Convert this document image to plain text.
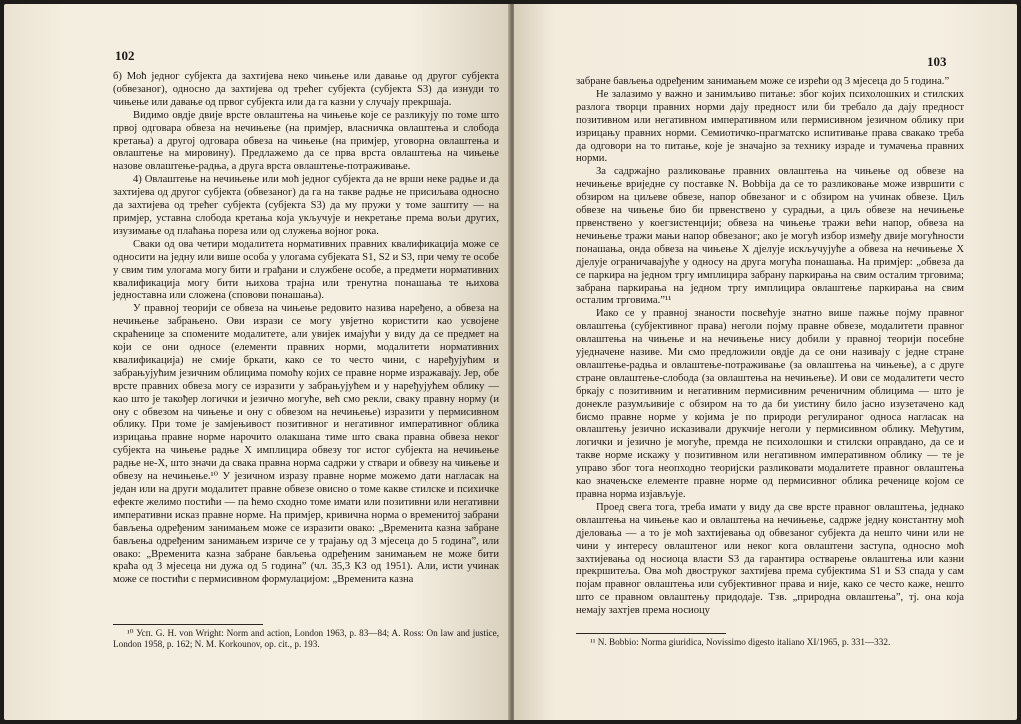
102

б) Моћ једног субјекта да захтијева неко чињење или давање од другог субјекта (обвезаног), односно да захтијева од трећег субјекта (субјекта S3) да изнуди то чињење или давање од првог субјекта или да га казни у случају прекршаја.

Видимо овдје двије врсте овлаштења на чињење које се разликују по томе што првој одговара обвеза на нечињење (на примјер, власничка овлаштења и слобода кретања) а другој одговара обвеза на чињење (на примјер, уговорна овлаштења и овлаштење на мировину). Предлажемо да се прва врста овлаштења на чињење назове овлаштење-радња, а друга врста овлаштење-потраживање.

4) Овлаштење на нечињење или моћ једног субјекта да не врши неке радње и да захтијева од другог субјекта (обвезаног) да га на такве радње не присиљава односно да захтијева од трећег субјекта (субјекта S3) да му пружи у томе заштиту — на примјер, уставна слобода кретања која укључује и некретање према вољи других, изузимање од плаћања пореза или од служења војног рока.

Сваки од ова четири модалитета нормативних правних квалификација може се односити на једну или више особа у улогама субјеката S1, S2 и S3, при чему те особе у свим тим улогама могу бити и грађани и службене особе, а предмети нормативних квалификација могу бити њихова трајна или тренутна понашања те њихова једноставна или сложена (сповови понашања).

У правној теорији се обвеза на чињење редовито назива наређено, а обвеза на нечињење забрањено. Ови изрази се могу увјетно користити као усвојене скраћенице за спомените модалитете, али увијек имајући у виду да се предмет на који се они односе (елементи правних норми, модалитети нормативних квалификација) не смије бркати, како се то често чини, с наређујућим и забрањујућим језичним облицима помоћу којих се правне норме изражавају. Јер, обе врсте правних обвеза могу се изразити у забрањујућем и у наређујућем облику — као што је такођер логички и језично могуће, већ смо рекли, свакy правну норму (и ону с обвезом на чињење и ону с обвезом на нечињење) изразити у пермисивном облику. При томе је замјењивост позитивног и негативног императивног облика изрицања правне норме нарочито олакшана тиме што свака правна обвеза неког субјекта на чињење радње X имплицира обвезу тог истог субјекта на нечињење радње не-X, што значи да свака правна норма садржи у ствари и обвезу на чињење и обвезу на нечињење.¹⁰ У језичном изразу правне норме можемо дати нагласак на један или на други модалитет правне обвезе овисно о томе какве стилске и психичке ефекте желимо постићи — па ћемо сходно томе имати или позитивни или негативни императивни исказ правне норме. На примјер, кривична норма о временитој забрани бављења одређеним занимањем може се изразити овако: „Временита казна забране бављења одређеним занимањем изриче се у трајању од 3 мјесеца до 5 година”, или овако: „Временита казна забране бављења одређеним занимањем не може бити краћа од 3 мјесеца ни дужа од 5 година” (чл. 35,3 КЗ од 1951). Али, исти учинак може се постићи с пермисивном формулацијом: „Временита казна

¹⁰ Усп. G. H. von Wright: Norm and action, London 1963, p. 83—84; A. Ross: On law and justice, London 1958, p. 162; N. M. Korkounov, op. cit., p. 193.

103

забране бављења одређеним занимањем може се изрећи од 3 мјесеца до 5 година.”

Не залазимо у важно и занимљиво питање: због којих психолошких и стилских разлога творци правних норми дају предност или би требало да дају предност позитивном или негативном императивном или пермисивном језичном облику при изрицању правних норми. Семиотичко-прагматско испитивање права свакако треба да одговори на то питање, које је значајно за технику израде и тумачења правних норми.

За садржајно разликовање правних овлаштења на чињење од обвезе на нечињење вриједне су поставке N. Bobbija да се то разликовање може извршити с обзиром на циљеве обвезе, напор обвезаног и с обзиром на учинак обвезе. Циљ обвезе на чињење био би првенствено у сурадњи, а циљ обвезе на нечињење првенствено у коегзистенцији; обвеза на чињење тражи већи напор, обвеза на нечињење тражи мањи напор обвезаног; ако је могућ избор између двије могућности понашања, онда обвеза на чињење X дјелује искључујуће а обвеза на нечињење X дјелује ограничавајуће у односу на друга могућа понашања. На примјер: „обвеза да се паркира на једном тргу имплицира забрану паркирања на свим осталим трговима; забрана паркирања на једном тргу имплицира овлаштење паркирања на свим осталим трговима.”¹¹

Иако се у правној знаности посвећује знатно више пажње појму правног овлаштења (субјективног права) неголи појму правне обвезе, модалитети правног овлаштења на чињење и на нечињење нису добили у правној теорији посебне уједначене називе. Ми смо предложили овдје да се они називају с једне стране овлаштење-радња и овлаштење-потраживање (за овлаштења на чињење), а с друге стране овлаштење-слобода (за овлаштења на нечињење). И ови се модалитети често бркају с позитивним и негативним пермисивним реченичним облицима — што је донекле разумљивије с обзиром на то да би уистину било јасно изузетачено кад бисмо правне норме у којима је по природи регулираног односа нагласак на овлаштењу језично исказивали друкчије неголи у пермисивном облику. Међутим, логички и језично је могуће, премда не психолошки и стилски оправдано, да се и такве норме искажу у позитивном или негативном императивном облику — те је управо због тога неопходно теоријски разликовати модалитете правног овлаштења као значењске елементе правне норме од пермисивног облика реченице којом се правна норма изјављује.

Проед свега тога, треба имати у виду да све врсте правног овлаштења, једнако овлаштења на чињење као и овлаштења на нечињење, садрже једну константну моћ дјеловања — а то је моћ захтијевања од обвезаног субјекта да нешто чини или не чини у интересу овлаштеног или неког кога овлаштени заступа, односно моћ захтијевања од носиоца власти S3 да гарантира остварење овлаштења или казни прекршитеља. Ова моћ двоструког захтијева према субјектима S1 и S3 спада у сам појам правног овлаштења или субјективног права и није, како се често каже, нешто што се правном овлаштењу придодаје. Тзв. „природна овлаштења”, тј. она која немају захтјев према носиоцу

¹¹ N. Bobbio: Norma giuridica, Novissimo digesto italiano XI/1965, p. 331—332.
